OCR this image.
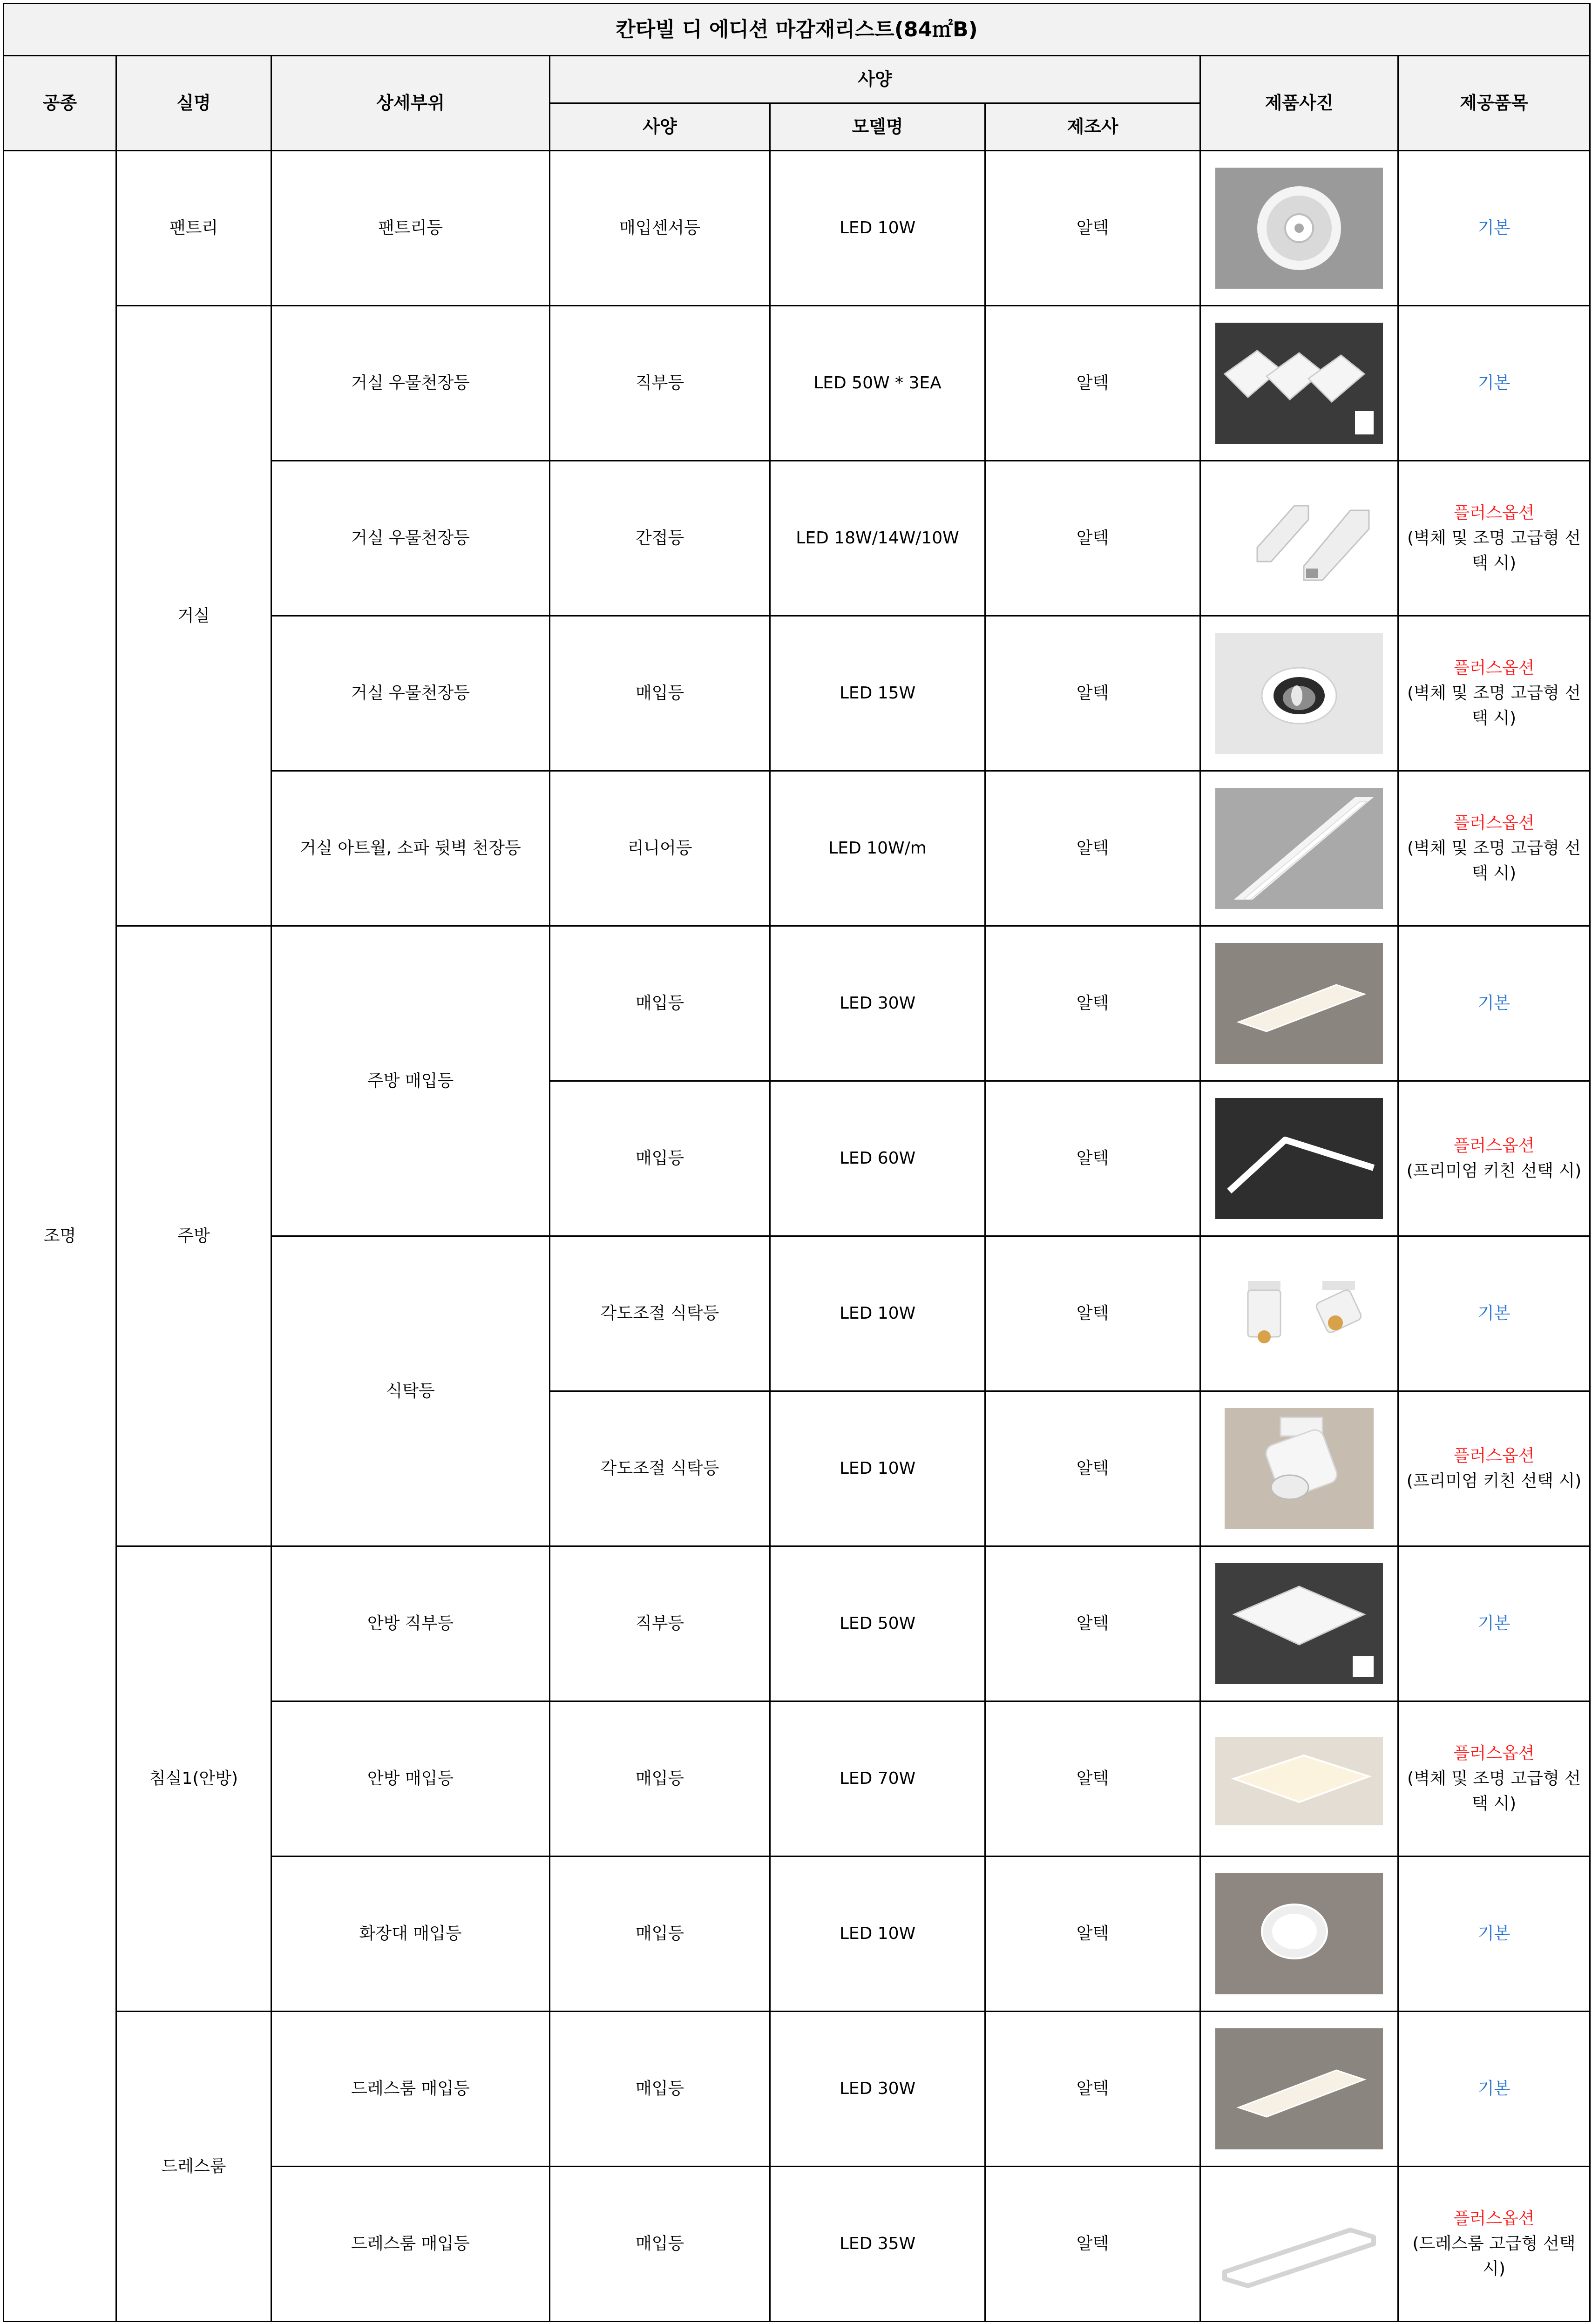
칸타빌 디 에디션 마감재리스트(84㎡B)							
공종	실명	상세부위	사양			제품사진	제공품목
			사양	모델명	제조사		
조명	팬트리	팬트리등	매입센서등	LED 10W	알텍		기본

	거실	거실 우물천장등	직부등	LED 50W * 3EA	알텍		기본

		거실 우물천장등	간접등	LED 18W/14W/10W	알텍		플러스옵션
(벽체 및 조명 고급형 선택 시)

		거실 우물천장등	매입등	LED 15W	알텍		플러스옵션
(벽체 및 조명 고급형 선택 시)

		거실 아트월, 소파 뒷벽 천장등	리니어등	LED 10W/m	알텍		플러스옵션
(벽체 및 조명 고급형 선택 시)

	주방	주방 매입등	매입등	LED 30W	알텍		기본

			매입등	LED 60W	알텍		플러스옵션
(프리미엄 키친 선택 시)

		식탁등	각도조절 식탁등	LED 10W	알텍		기본

			각도조절 식탁등	LED 10W	알텍		플러스옵션
(프리미엄 키친 선택 시)

	침실1(안방)	안방 직부등	직부등	LED 50W	알텍		기본

		안방 매입등	매입등	LED 70W	알텍		플러스옵션
(벽체 및 조명 고급형 선택 시)

		화장대 매입등	매입등	LED 10W	알텍		기본

	드레스룸	드레스룸 매입등	매입등	LED 30W	알텍		기본

		드레스룸 매입등	매입등	LED 35W	알텍		플러스옵션
(드레스룸 고급형 선택 시)
